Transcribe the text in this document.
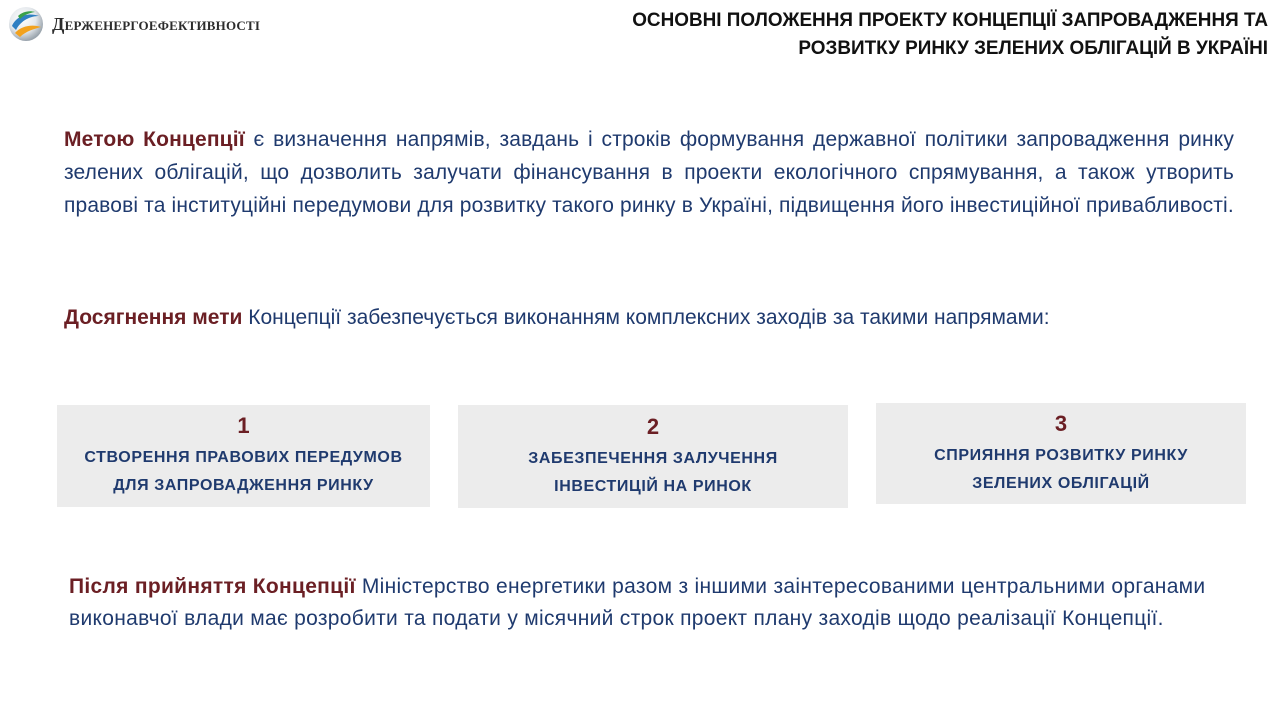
Держенергоефективності	ОСНОВНІ ПОЛОЖЕННЯ ПРОЕКТУ КОНЦЕПЦІЇ ЗАПРОВАДЖЕННЯ ТА
РОЗВИТКУ РИНКУ ЗЕЛЕНИХ ОБЛІГАЦІЙ В УКРАЇНІ
Метою Концепції є визначення напрямів, завдань і строків формування державної політики запровадження ринку зелених облігацій, що дозволить залучати фінансування в проекти екологічного спрямування, а також утворить правові та інституційні передумови для розвитку такого ринку в Україні, підвищення його інвестиційної привабливості.
Досягнення мети Концепції забезпечується виконанням комплексних заходів за такими напрямами:
1
СТВОРЕННЯ ПРАВОВИХ ПЕРЕДУМОВ
ДЛЯ ЗАПРОВАДЖЕННЯ РИНКУ
2
ЗАБЕЗПЕЧЕННЯ ЗАЛУЧЕННЯ
ІНВЕСТИЦІЙ НА РИНОК
3
СПРИЯННЯ РОЗВИТКУ РИНКУ
ЗЕЛЕНИХ ОБЛІГАЦІЙ
Після прийняття Концепції Міністерство енергетики разом з іншими заінтересованими центральними органами виконавчої влади має розробити та подати у місячний строк проект плану заходів щодо реалізації Концепції.
